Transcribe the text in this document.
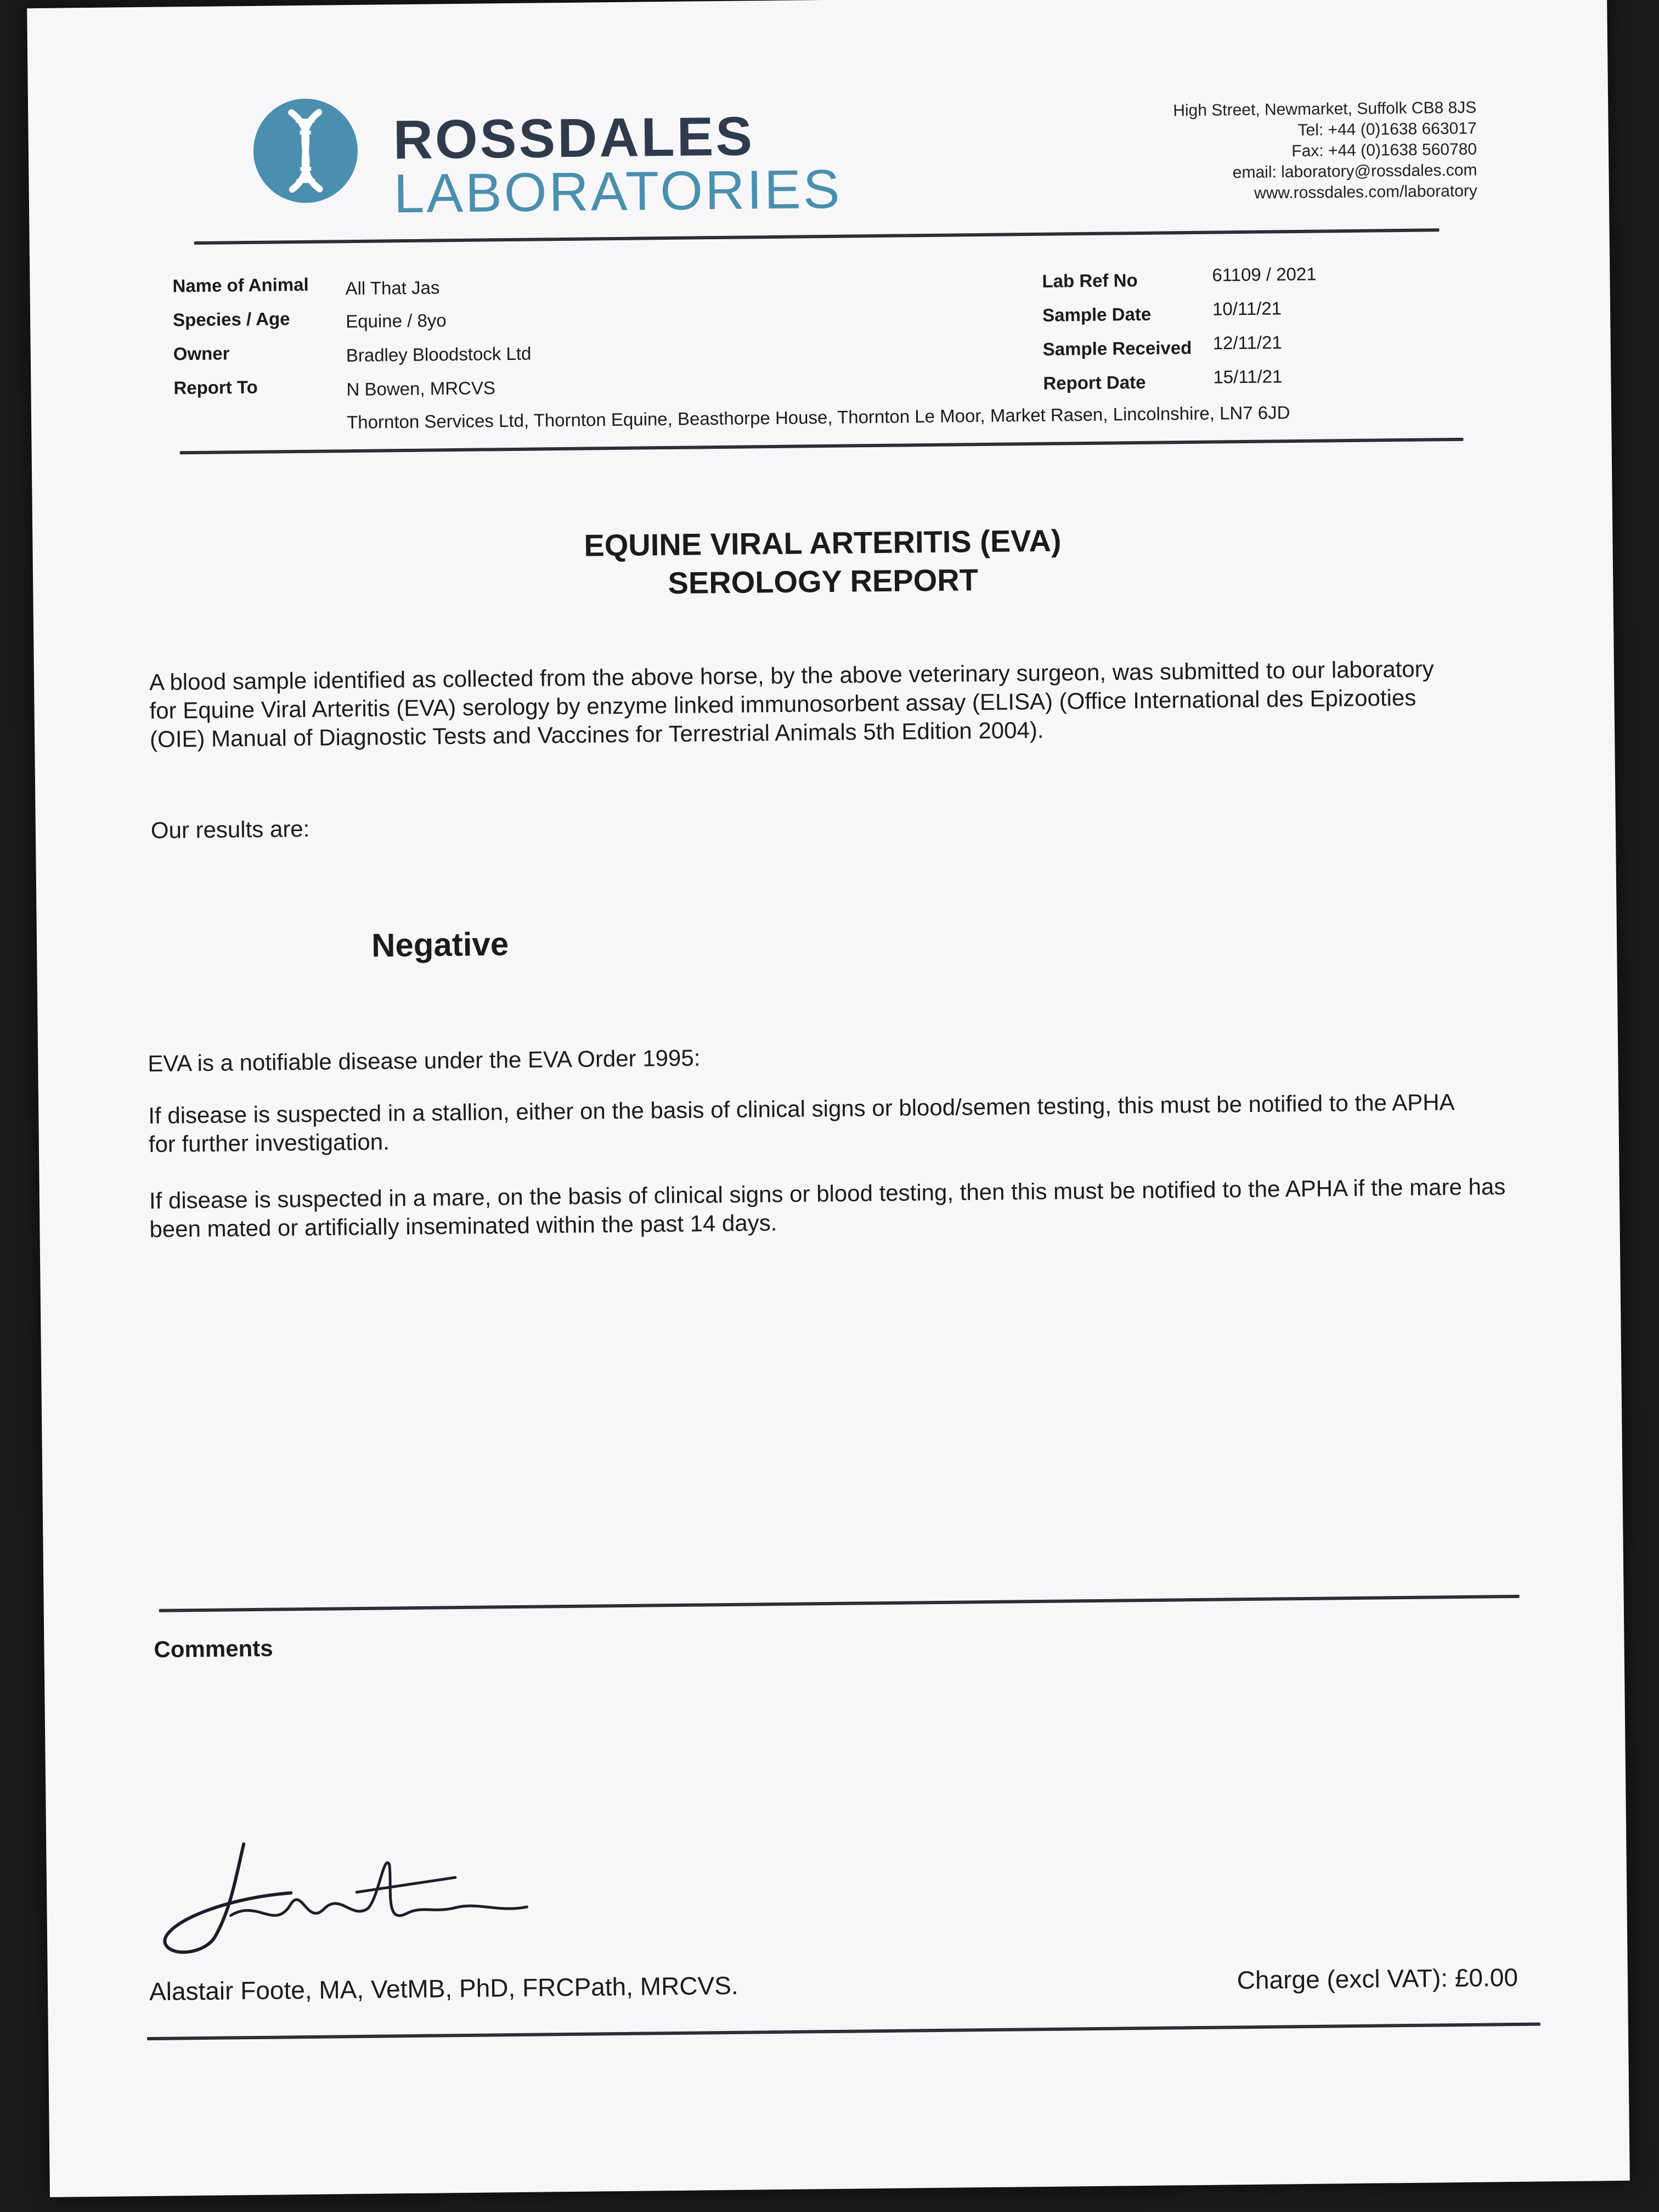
ROSSDALES
LABORATORIES
High Street, Newmarket, Suffolk CB8 8JS
Tel: +44 (0)1638 663017
Fax: +44 (0)1638 560780
email: laboratory@rossdales.com
www.rossdales.com/laboratory
Name of Animal All That Jas
Species / Age	Equine / 8yo
Owner	Bradley Bloodstock Ltd
Report To	N Bowen, MRCVS
Thornton Services Ltd, Thornton Equine, Beasthorpe House, Thornton Le Moor, Market Rasen, Lincolnshire, LN7 6JD
Lab Ref No	61109 / 2021
Sample Date	10/11/21
Sample Received 12/11/21
Report Date	15/11/21
EQUINE VIRAL ARTERITIS (EVA)
SEROLOGY REPORT
A blood sample identified as collected from the above horse, by the above veterinary surgeon, was submitted to our laboratory for Equine Viral Arteritis (EVA) serology by enzyme linked immunosorbent assay (ELISA) (Office International des Epizooties (OIE) Manual of Diagnostic Tests and Vaccines for Terrestrial Animals 5th Edition 2004).
Our results are:
Negative
EVA is a notifiable disease under the EVA Order 1995:
If disease is suspected in a stallion, either on the basis of clinical signs or blood/semen testing, this must be notified to the APHA for further investigation.
If disease is suspected in a mare, on the basis of clinical signs or blood testing, then this must be notified to the APHA if the mare has been mated or artificially inseminated within the past 14 days.
Comments
Alastair Foote, MA, VetMB, PhD, FRCPath, MRCVS.	Charge (excl VAT): £0.00
